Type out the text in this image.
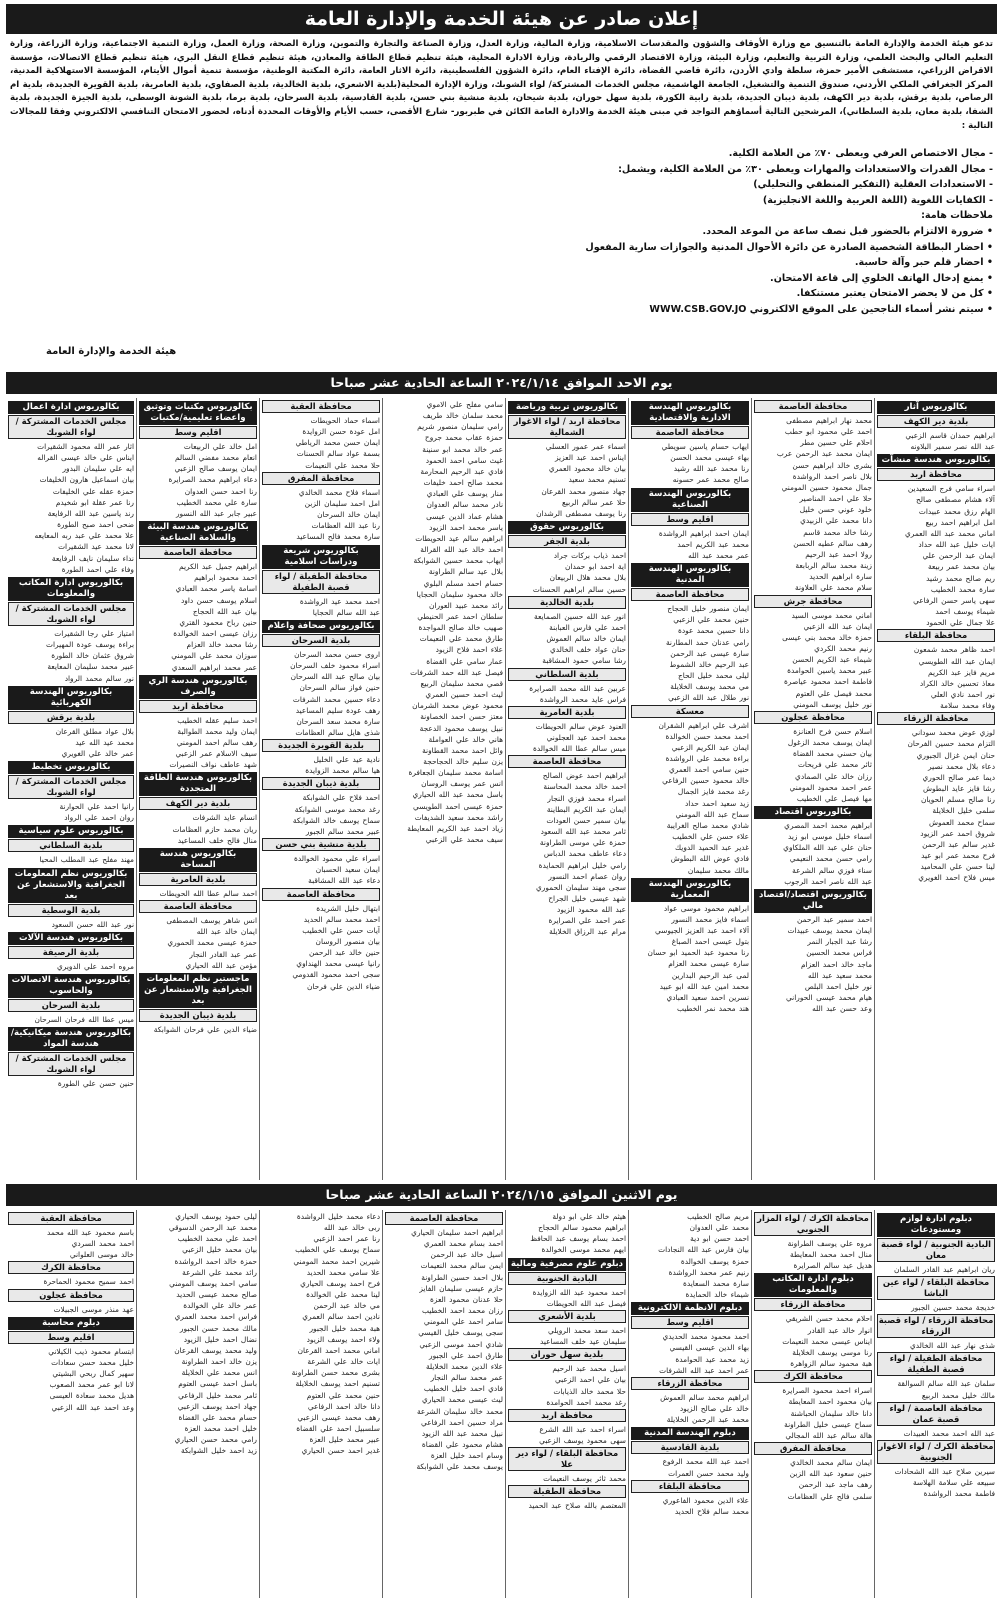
إعلان صادر عن هيئة الخدمة والإدارة العامة

تدعو هيئة الخدمة والإدارة العامة بالتنسيق مع وزارة الأوقاف والشؤون والمقدسات الاسلامية، وزارة المالية، وزارة العدل، وزارة الصناعة والتجارة والتموين، وزارة الصحة، وزارة العمل، وزارة التنمية الاجتماعية، وزارة الزراعة، وزارة التعليم العالي والبحث العلمي، وزارة التربية والتعليم، وزارة البيئة، وزارة الاقتصاد الرقمي والريادة، وزارة الادارة المحلية، هيئة تنظيم قطاع الطاقة والمعادن، هيئة تنظيم قطاع النقل البري، هيئة تنظيم قطاع الاتصالات، مؤسسة الاقراض الزراعي، مستشفى الأمير حمزة، سلطة وادي الأردن، دائرة قاضي القضاة، دائرة الإفتاء العام، دائرة الشؤون الفلسطينية، دائرة الاثار العامة، دائرة المكتبة الوطنية، مؤسسة تنمية أموال الأيتام، المؤسسة الاستهلاكية المدنية، المركز الجغرافي الملكي الأردني، صندوق التنمية والتشغيل، الجامعة الهاشمية، مجلس الخدمات المشتركة/ لواء الشوبك، وزارة الإدارة المحلية(بلدية الاشعري، بلدية الخالدية، بلدية الصفاوي، بلدية العامرية، بلدية القويرة الجديدة، بلدية ام الرصاص، بلدية برقش، بلدية دير الكهف، بلدية ذيبان الجديدة، بلدية رابية الكورة، بلدية سهل حوران، بلدية شيحان، بلدية منشية بني حسن، بلدية القادسية، بلدية السرحان، بلدية برما، بلدية الشونة الوسطى، بلدية الجيزة الجديدة، بلدية الشفا، بلدية معان، بلدية السلطاني)، المرشحين التالية أسماؤهم التواجد في مبنى هيئة الخدمة والادارة العامة الكائن في طبربور- شارع الأقصى، حسب الأيام والأوقات المحددة أدناه، لحضور الامتحان التنافسي الالكتروني وفقا للمجالات التالية :

- مجال الاختصاص العرفي ويعطى ٧٠٪ من العلامة الكلية.
- مجال القدرات والاستعدادات والمهارات ويعطى ٣٠٪ من العلامة الكلية، ويشمل:
- الاستعدادات العقلية (التفكير المنطقي والتحليلي)
- الكفايات اللغوية (اللغة العربية واللغة الانجليزية)
ملاحظات هامة:
• ضرورة الالتزام بالحضور قبل نصف ساعة من الموعد المحدد.
• احضار البطاقة الشخصية الصادرة عن دائرة الأحوال المدنية والجوازات سارية المفعول
• احضار قلم حبر وآلة حاسبة.
• يمنع إدخال الهاتف الخلوي إلى قاعة الامتحان.
• كل من لا يحضر الامتحان يعتبر مستنكفا.
• سيتم نشر أسماء الناجحين على الموقع الالكتروني WWW.CSB.GOV.JO
هيئة الخدمة والإدارة العامة
يوم الاحد الموافق ٢٠٢٤/١/١٤ الساعة الحادية عشر صباحا
بكالوريوس آثار
بلدية دير الكهف
ابراهيم حمدان قاسم الزعبي
عبد الله نصر سمير البلاونه
بكالوريوس هندسة منشآت
محافظة اربد
اسراء سامي فرج السعيدين
آلاء هشام مصطفى صالح
الهام رزق محمد عبيدات
امل ابراهيم احمد ربيع
اماني محمد عبد الله العمري
ايات خليل عبد الله حداد
ايمان عبد الرحمن علي
بيان محمد عمر ربيعة
ريم صالح محمد رشيد
سارة محمد الخطيب
سهى ياسر حسن الرفاعي
شيماء يوسف احمد
علا جمال علي الحمود
محافظة البلقاء
احمد ظاهر محمد شمعون
ايمان عبد الله الطويسي
مريم فايز عبد الكريم
معاذ تحسين خالد الكراد
نور احمد نادي العلي
وفاء محمد سلامة
محافظة الزرقاء
لوزي عوض محمد سوداني
التزام محمد حسين الفرحان
حنان ايمن غزال الجبوري
دعاء بلال محمد نصير
ديما عمر صالح الحوري
رشا فايز عايد البطوش
رنا صالح مسلم الحويان
سلمى خليل الخلايلة
سماح محمد العموش
شروق احمد عمر الزيود
غدير سالم عبد الرحمن
فرح محمد عمر ابو عيد
لينا حسن علي المحاميد
ميس فلاح احمد الغويري
محافظة العاصمة
محمد نهار ابراهيم مصطفى
احمد علي محمود ابو حطب
احلام علي حسين مطر
ايمان محمد عبد الرحمن عرب
بشرى خالد ابراهيم حسن
بلال ناصر احمد الرواشدة
جمال محمود حسين المومني
حلا علي احمد المناصير
خلود عوني حسن خليل
دانا محمد علي الزبيدي
رشا خالد محمد قاسم
رهف سالم عطيه الحسن
رولا احمد عبد الرحيم
زينة محمد سالم الربابعة
سارة ابراهيم الحديد
سلام محمد علي العلاونة
محافظة جرش
اماني محمد موسى السيد
ايمان عبد الله الزعبي
حمزة خالد محمد بني عيسى
رنيم محمد الكردي
شيماء عبد الكريم الحسن
عبير محمد ياسين الحوامدة
فاطمة احمد محمود عياصرة
محمد فيصل علي العتوم
نور خليل يوسف المومني
محافظة عجلون
اسلام حسن فرح العنانزة
ايمان يوسف محمد الزغول
بيان حسني محمد القضاة
ثائر محمد علي فريحات
رزان خالد علي الصمادي
عمر احمد محمود المومني
مها فيصل علي الخطيب
بكالوريوس اقتصاد
ابراهيم محمد احمد المصري
اسماء خليل موسى ابو زيد
حنان علي عبد الله الملكاوي
رامي حسن محمد النعيمي
سناء فوزي سالم الشرعة
عبد الله ناصر احمد الرجوب
بكالوريوس اقتصاد/اقتصاد مالي
احمد سمير عبد الرحمن
ايمان محمد يوسف عبيدات
رشا عبد الجبار النمر
فراس محمد الحسين
ماجد خالد احمد العزام
محمد سعيد عبد الله
نور خليل احمد البلص
هيام محمد عيسى الحوراني
وعد حسن عبد الله
بكالوريوس الهندسة الادارية والاقتصادية
محافظة العاصمة
ايهاب حسام ياسين سويطي
بهاء عيسى محمد الحسن
رنا محمد عبد الله رشيد
صالح محمد عمر حسونه
بكالوريوس الهندسة الصناعية
اقليم وسط
ايمان احمد ابراهيم الرواشدة
محمد عبد الكريم احمد
عمر محمد عبد الله
بكالوريوس الهندسة المدنية
محافظة العاصمة
ايمان منصور خليل الحجاج
حنين محمد علي الزعبي
دانا حسين محمد عودة
رامي عدنان حمد المطارنة
سارة عيسى عبد الرحمن
عبد الرحيم خالد الشموط
ليلى محمد خليل الحاج
مي محمد يوسف الخلايلة
نور طلال عبد الله الزعبي
معسكة
اشرف علي ابراهيم الشقران
احمد محمد حسن الخوالدة
ايمان عبد الكريم الزعبي
براءة محمد علي الرواشدة
حنين سامي احمد العمري
خالد محمود حسين الرفاعي
رغد محمد فايز الجمال
زيد سعيد احمد حداد
سماح عبد الله المومني
شادي محمد صالح الغرايبة
علاء حسن علي الخطيب
غدير عبد الحميد الدويك
فادي عوض الله البطوش
مالك محمد سليمان
بكالوريوس الهندسة المعمارية
ابراهيم محمود موسى عواد
اسماء فايز محمد النسور
آلاء احمد عبد العزيز الجيوسي
بتول عيسى احمد الصباغ
رنا محمود عبد الحميد ابو حسان
سارة عيسى محمد العزام
لمى عبد الرحيم البدارين
محمد امين عبد الله ابو عبيد
نسرين احمد سعيد العبادي
هند محمد نمر الخطيب
بكالوريوس تربية ورياضة
محافظة اربد / لواء الاغوار الشمالية
اسماء عمر عمور العسلي
ايناس احمد عبد العزيز
بيان خالد محمود العمري
تسنيم محمد سعيد
جهاد منصور محمد القرعان
حلا عمر سالم الربيع
رنا يوسف مصطفى الرشدان
بكالوريوس حقوق
بلدية الجفر
احمد ذياب بركات جراد
اية احمد ابو حمدان
بلال محمد هلال الربيعان
حسين سالم ابراهيم الحسنات
بلدية الخالدية
انور عبد الله حسين الصمايعة
احمد علي فارس العبابنة
ايمان خالد سالم العموش
حنان عواد خلف الخالدي
رشا سامي حمود المشاقبة
بلدية السلطاني
عربين عبد الله محمد الصرايرة
فراس عايد محمد الرواشدة
بلدية العامرية
العنود عوض سالم الحويطات
محمد احمد عيد العجلوني
ميس سالم عطا الله الخوالدة
محافظة العاصمة
ابراهيم احمد عوض الصالح
احمد خالد محمد المحاسنة
اسراء محمد فوزي النجار
ايمان عبد الكريم البطاينة
بيان سمير حسن العودات
ثامر محمد عبد الله السعود
حمزة علي موسى الطراونة
دعاء عاطف محمد الدباس
رامي خليل ابراهيم الحمايدة
روان عصام احمد النسور
سجى مهند سليمان الحموري
شهد عيسى خليل الجراح
عبد الله محمود الزيود
عمر احمد علي الصرايرة
مرام عبد الرزاق الخلايلة
سامي مفلح علي الاموي
محمد سلمان خالد طريف
رامي سليمان منصور شريم
حمزة عقاب محمد جروح
عمر خالد محمد ابو سنينة
غيث سامي احمد الحمود
فادي عبد الرحيم المحارمة
محمد صالح احمد خليفات
منار يوسف علي العبادي
نادر محمد سالم العدوان
هشام عماد الدين عيسى
ياسر محمد احمد الزيود
ابراهيم سالم عيد الحويطات
احمد خالد عبد الله القرالة
ايهاب محمد حسين الشوابكة
بلال عيد سالم الطراونة
حسام احمد مسلم البلوي
خالد محمود سليمان الحجايا
رائد محمد عبيد العوران
سلطان احمد عمر الحنيطي
صهيب خالد صالح المواجدة
طارق محمد علي النعيمات
علاء احمد فلاح الزيود
عمار سامي علي القضاة
فيصل عبد الله حمد الشرفات
قصي محمد سليمان الربيع
ليث احمد حسين العمري
محمود عوض محمد الشرمان
معتز حسن احمد الخصاونة
نبيل يوسف محمود الدعجة
هاني خالد علي العواملة
وائل احمد محمد القطاونة
يزن سليم خالد الحجاحجة
اسامة محمد سليمان الجعافرة
انس عمر يوسف الروسان
باسل محمد عبد الله الحياري
حمزة عيسى احمد الطويسي
راشد محمد سعيد الشديفات
زياد احمد عبد الكريم المعايطة
سيف محمد علي الزعبي
محافظة العقبة
اسماء حماد الحويطات
امل عودة حسن الزوايدة
ايمان حسن محمد الرياطي
بسمة عواد سالم الحسنات
حلا محمد علي النعيمات
محافظة المفرق
اسماء فلاح محمد الخالدي
امل احمد سليمان الزبن
ايمان خالد السرحان
رنا عبد الله العظامات
سارة محمد فالح المساعيد
بكالوريوس شريعة ودراسات اسلامية
محافظة الطفيلة / لواء قصبة الطفيلة
احمد محمد عيد الرواشدة
عبد الله سالم الحجايا
بكالوريوس صحافة واعلام
بلدية السرحان
اروى حسن محمد السرحان
اسراء محمود خلف السرحان
بيان صالح عبد الله السرحان
حنين فواز سالم السرحان
دعاء حسين محمد الشرفات
رهف عودة سليم المساعيد
سارة محمد سعد السرحان
شذى هايل سالم العظامات
بلدية القويرة الجديدة
نادية عيد علي الخليل
هيا سالم محمد الزوايدة
بلدية ذيبان الجديدة
احمد فلاح علي الشوابكة
رغد محمد موسى الشوابكة
سماح يوسف خالد الشوابكة
عبير محمد سالم الجبور
بلدية منشية بني حسن
اسراء علي محمود الخوالدة
ايمان سعيد الحسبان
دعاء عبد الله المشاقبة
محافظة العاصمة
ابتهال خليل الشريدة
احمد محمد سالم الحديد
آيات حسن علي الخطيب
بيان منصور الروسان
حنين خالد عبد الرحمن
رانيا عيسى محمد الهنداوي
سجى احمد محمود القدومي
ضياء الدين علي فرحان
بكالوريوس مكتبات وتوثيق واعضاء تعليمية/مكتبات
اقليم وسط
امل خالد علي الربيعات
انعام محمد مفضي السالم
ايمان يوسف صالح الزعبي
دعاء ابراهيم محمد الصرايرة
رنا احمد حسن العدوان
سارة علي محمد الخطيب
عبير جابر عبد الله النسور
بكالوريوس هندسة البيئة والسلامة الصناعية
محافظة العاصمة
ابراهيم جميل عبد الكريم
احمد محمود ابراهيم
اسامة ياسر محمد العبادي
اسلام يوسف حسن داود
بيان عبد الله الحجاج
حنين رباح محمود القتري
رزان عيسى احمد الخوالدة
رشا محمد خالد العزام
سوزان محمد علي المومني
عمر محمد ابراهيم السعدي
بكالوريوس هندسة الري والصرف
محافظة اربد
احمد سليم عقله الخطيب
ايمان وليد محمد الطوالبة
رهف سالم احمد المومني
سيف الاسلام عمر الزعبي
شهد عاطف نواف النصيرات
بكالوريوس هندسة الطاقة المتجددة
بلدية دير الكهف
انسام عايد الشرفات
ريان محمد حازم العظامات
منال فالح خلف المساعيد
بكالوريوس هندسة المساحة
بلدية العامرية
احمد سالم عطا الله الحويطات
محافظة العاصمة
انس شاهر يوسف المصطفى
ايمان خالد عبد الله
حمزة عيسى محمد الحموري
عمر عبد القادر النجار
مؤمن عبد الله الحياري
ماجستير نظم المعلومات الجغرافية والاستشعار عن بعد
بلدية ذيبان الجديدة
ضياء الدين علي فرحان الشوابكة
بكالوريوس ادارة اعمال
مجلس الخدمات المشتركة / لواء الشوبك
اثار عمر الله محمود الشقيرات
ايناس علي خالد عيسى القراله
ايه علي سليمان البدور
بيان اسماعيل هارون الخليفات
حمزة عقله علي الخليفات
رنا عمر عقلة ابو شخيدم
رند ياسين عبد الله الرفايعة
ضحى احمد صبح الطورة
علا محمد علي عبد ربه المعايعه
لانا محمد عيد الشقيرات
نداء سليمان نايف الرفايعة
وفاء علي احمد الطورة
بكالوريوس ادارة المكاتب والمعلومات
مجلس الخدمات المشتركة / لواء الشوبك
امتياز علي رجا الشقيرات
براءة يوسف عودة المهيرات
شروق عثمان خالد الطورة
عبير محمد سليمان المعايعة
نور سالم محمد الرواد
بكالوريوس الهندسة الكهربائية
بلدية برقش
بلال عواد مطلق القرعان
محمد عيد الله عيد
عمر خالد علي الغويري
بكالوريوس تخطيط
مجلس الخدمات المشتركة / لواء الشوبك
رانيا احمد علي الحوارنة
روان احمد علي الرواد
بكالوريوس علوم سياسية
بلدية السلطاني
مهند مفلح عبد المطلب المحيا
بكالوريوس نظم المعلومات الجغرافية والاستشعار عن بعد
بلدية الوسطية
نور عبد الله حسن السعود
بكالوريوس هندسة الآلات
بلدية الرصيفة
مروه احمد علي الدويري
بكالوريوس هندسة الاتصالات والحاسوب
بلدية السرحان
ميس عطا الله فرحان السرحان
بكالوريوس هندسة ميكانيكية/هندسة المواد
مجلس الخدمات المشتركة / لواء الشوبك
حنين حسن علي الطورة
يوم الاثنين الموافق ٢٠٢٤/١/١٥ الساعة الحادية عشر صباحا
دبلوم ادارة لوازم ومستودعات
البادية الجنوبية / لواء قصبة معان
ريان ابراهيم عبد القادر السلمان
محافظة البلقاء / لواء عين الباشا
خديجة محمد حسين الجبور
محافظة الزرقاء / لواء قصبة الزرقاء
شذى نهار عبد الله الخالدي
محافظة الطفيلة / لواء قصبة الطفيلة
سلمان عبد الله سالم السوالقة
مالك خليل محمد الربيع
محافظة العاصمة / لواء قصبة عمان
عبد الله احمد محمد العبيدات
محافظة الكرك / لواء الاغوار الجنوبية
سيرين صلاح عبد الله الشحادات
سبيعه علي سلامة الهلاسة
فاطمة محمد الرواشدة
محافظة الكرك / لواء المزار الجنوبي
مروه علي يوسف الطراونة
منال احمد محمد المعايطة
هديل عيد سالم الصرايرة
دبلوم ادارة المكاتب والمعلومات
محافظة الزرقاء
احلام محمد حسن الشريقي
انوار خالد عبد القادر
ايناس عيسى محمد النعيمات
رنا موسى يوسف الخلايلة
هبة محمود سالم الزواهرة
محافظة الكرك
اسراء احمد محمود الصرايرة
بيان محمود احمد المعايطة
دانا خالد سليمان الحباشنة
سماح عيسى خليل الطراونة
هالة سالم عبد الله المجالي
محافظة المفرق
ايمان سالم محمد الخالدي
حنين سعود عبد الله الزبن
رهف ماجد عبد الرحمن
سلمى فالح علي العظامات
مريم صالح الخطيب
محمد علي العدوان
احمد حسن ابو دية
بيان فارس عبد الله النجادات
حمزة يوسف الخوالدة
رنيم عمر محمد الرواشدة
سارة محمد السعايدة
شيماء خالد الحمايدة
دبلوم الانظمة الالكترونية
اقليم وسط
احمد محمود محمد الحديدي
بهاء الدين عيسى القيسي
زيد محمد عيد الحوامدة
عمر احمد عبد الله الشرفات
محافظة الزرقاء
ابراهيم محمد سالم العموش
خالد علي صالح الزيود
محمد عبد الرحمن الخلايلة
دبلوم الهندسة المدنية
بلدية القادسية
احمد عبد الله محمد الرفوع
وليد محمد حسن العمرات
محافظة البلقاء
علاء الدين محمود الفاعوري
محمد سالم فلاح الحديد
هيثم خالد علي ابو دولة
ابراهيم محمود سالم الحجاج
احمد بسام يوسف عبد الحافظ
ايهم محمد موسى الخوالدة
دبلوم علوم مصرفية ومالية
البادية الجنوبية
احمد محمود عبد الله الزوايدة
فيصل عبد الله الحويطات
بلدية الأشعري
احمد سعد محمد الرويلي
سليمان عيد خلف المساعيد
بلدية سهل حوران
اسيل محمد عبد الرحيم
بيان علي احمد الزعبي
حلا محمد خالد الذيابات
رغد محمد احمد الحوامدة
محافظة اربد
اسراء احمد عبد الله الشرع
سهى محمود يوسف الزعبي
محافظة البلقاء / لواء دير علا
محمد ثائر يوسف النعيمات
محافظة الطفيلة
المعتصم بالله صلاح عبد الحميد
محافظة العاصمة
ابراهيم احمد سليمان الحياري
احمد بسام محمد العمري
اسيل خالد عبد الرحمن
ايمن سالم محمد النعيمات
بلال احمد حسين الطراونة
حازم عيسى سليمان الفايز
حلا عدنان محمود العزة
رزان محمد احمد الخطيب
سامر احمد علي المومني
سجى يوسف خليل القيسي
شادي احمد موسى الزعبي
طارق احمد علي الجبور
علاء الدين محمد الخلايلة
عمر محمد سالم النجار
فادي احمد خليل الخطيب
ليث عيسى محمد الحياري
محمد خالد سليمان الشرعة
مراد حسين احمد الرفاعي
نبيل محمد عبد الله الزيود
هشام محمود علي القضاة
وسام احمد خليل العزة
يوسف محمد علي الشوابكة
دعاء محمد خليل الرواشدة
ربى خالد عبد الله
رنا عمر احمد الزعبي
سماح يوسف علي الخطيب
شيرين احمد محمد المومني
علا سامي محمد الحديد
فرح احمد يوسف الحياري
لينا محمد علي الخوالدة
مي خالد عبد الرحمن
نادين احمد سالم العمري
هبة محمد خليل الجبور
ولاء احمد يوسف الزيود
اماني محمد احمد القرعان
ايات خالد علي الشرعة
بشرى محمد حسن الطراونة
تسنيم احمد يوسف الخلايلة
حنين محمد علي العتوم
دانا خالد احمد الرفاعي
رهف محمد عيسى الزعبي
سلسبيل احمد علي القضاة
عبير محمد خليل العزة
غدير احمد حسن الحياري
ليلى حمود يوسف الحياري
محمد عبد الرحمن الدسوقي
احمد علي محمد الخطيب
بيان محمد خليل الزعبي
حمزة خالد احمد الرواشدة
رائد محمد علي الشرعة
سامي احمد يوسف المومني
صالح محمد عيسى الحديد
عمر خالد علي الخوالدة
فراس احمد محمد العمري
مالك محمد حسن الجبور
نضال احمد خليل الزيود
وليد محمد يوسف القرعان
يزن خالد احمد الطراونة
انس محمد علي الخلايلة
باسل احمد عيسى العتوم
ثامر محمد خليل الرفاعي
جهاد احمد يوسف الزعبي
حسام محمد علي القضاة
خليل احمد محمد العزة
رامي محمد حسن الحياري
زيد احمد خليل الشوابكة
محافظة العقبة
باسم محمود عبد الله محمد
احمد محمد السردي
خالد موسى العلواني
محافظة الكرك
احمد سميح محمود الحماحرة
محافظة عجلون
عهد منذر موسى الجبيلات
دبلوم محاسبة
اقليم وسط
ابتسام محمود ذيب الكيلاني
خليل محمد حسن سعادات
سهير كمال ربحي البشيتي
لانا ابو عمر محمد الصعوب
هديل محمد سعادة العيسى
وعد احمد عبد الله الزعبي
